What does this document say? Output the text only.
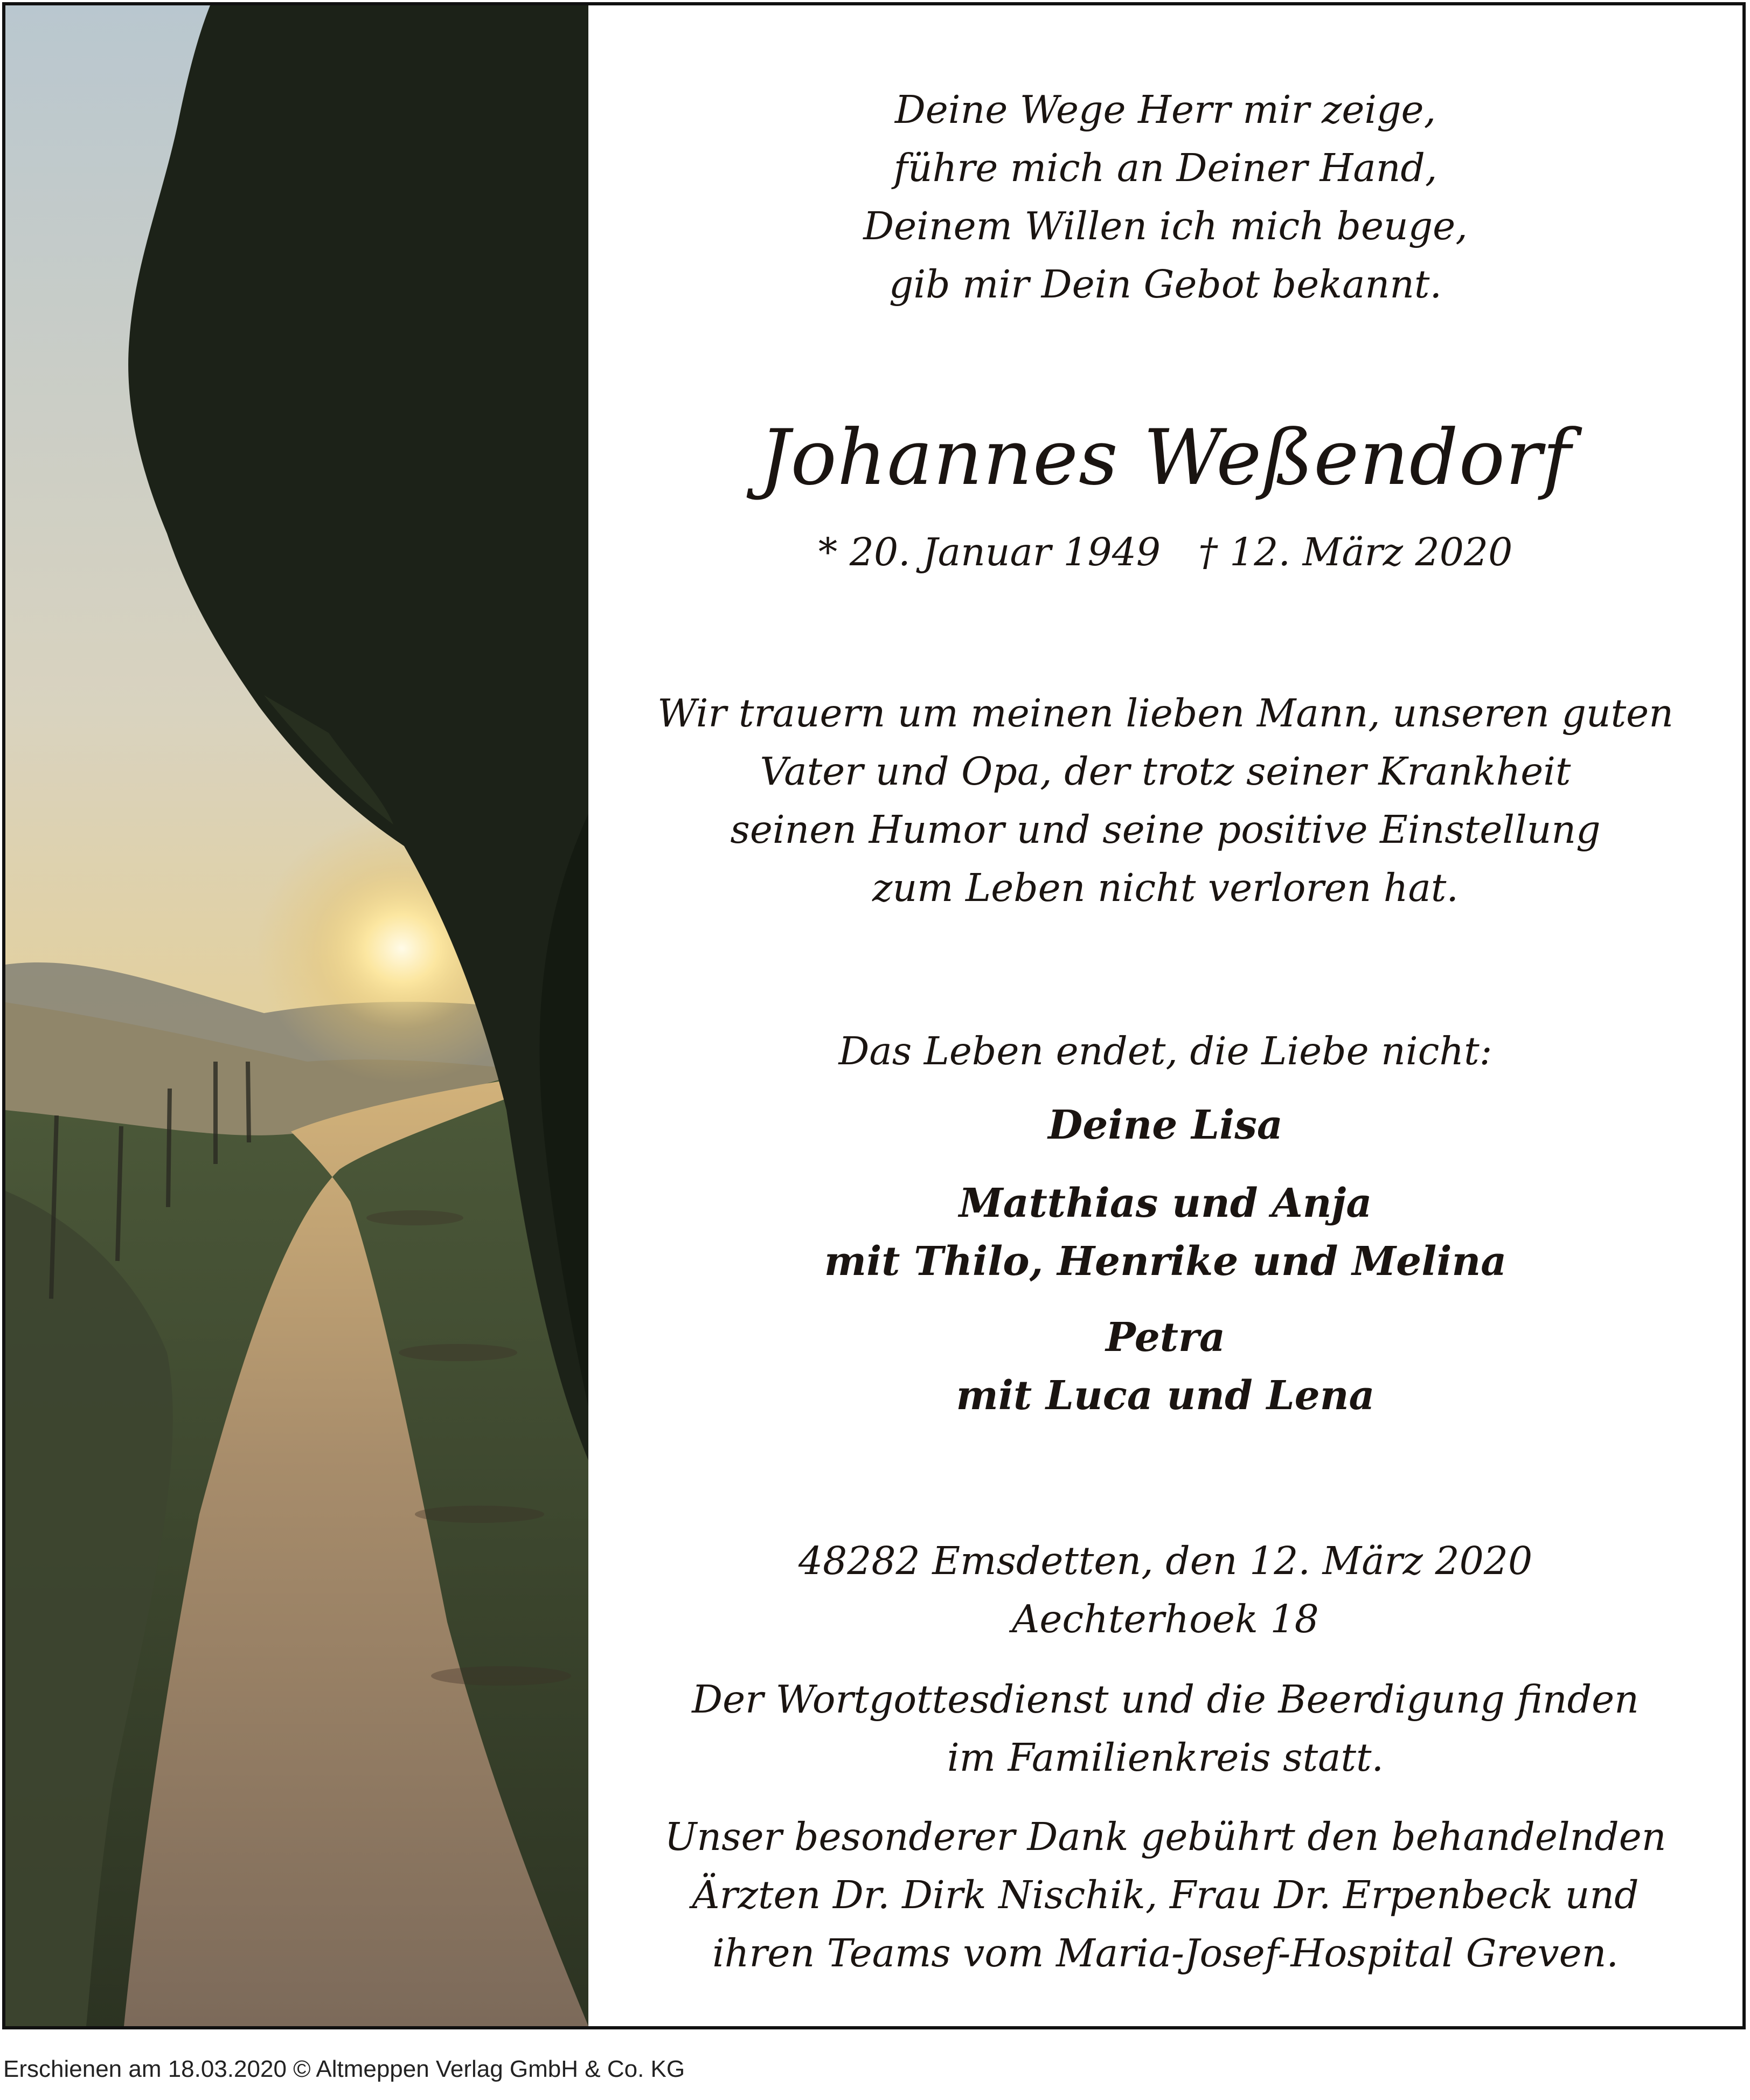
Deine Wege Herr mir zeige,

führe mich an Deiner Hand,

Deinem Willen ich mich beuge,

gib mir Dein Gebot bekannt.

Johannes Weßendorf
* 20. Januar 1949 † 12. März 2020

Wir trauern um meinen lieben Mann, unseren guten

Vater und Opa, der trotz seiner Krankheit

seinen Humor und seine positive Einstellung

zum Leben nicht verloren hat.

Das Leben endet, die Liebe nicht:

Deine Lisa

Matthias und Anja

mit Thilo, Henrike und Melina

Petra

mit Luca und Lena

48282 Emsdetten, den 12. März 2020

Aechterhoek 18

Der Wortgottesdienst und die Beerdigung finden

im Familienkreis statt.

Unser besonderer Dank gebührt den behandelnden

Ärzten Dr. Dirk Nischik, Frau Dr. Erpenbeck und

ihren Teams vom Maria-Josef-Hospital Greven.

Erschienen am 18.03.2020 © Altmeppen Verlag GmbH & Co. KG
